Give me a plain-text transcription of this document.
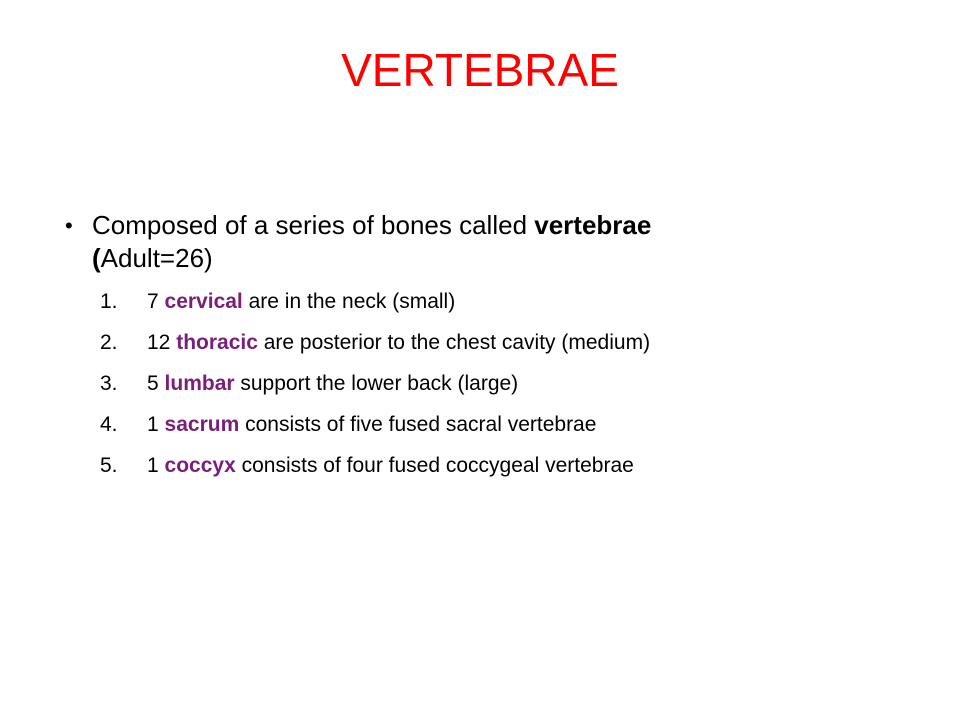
VERTEBRAE
• Composed of a series of bones called vertebrae
(Adult=26)
1.	7 cervical are in the neck (small)
2.	12 thoracic are posterior to the chest cavity (medium)
3.	5 lumbar support the lower back (large)
4.	1 sacrum consists of five fused sacral vertebrae
5.	1 coccyx consists of four fused coccygeal vertebrae
